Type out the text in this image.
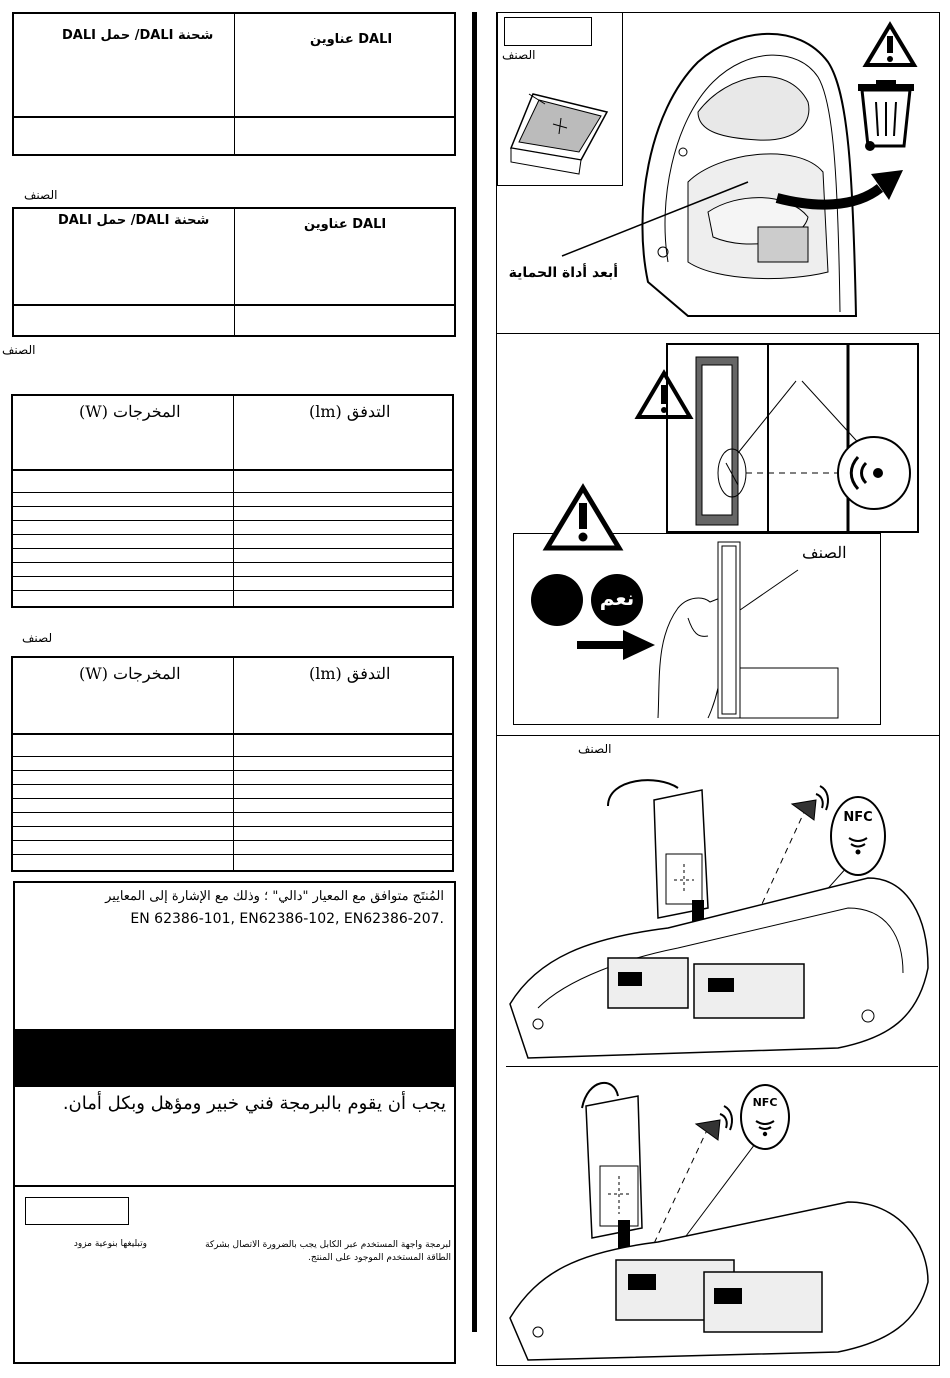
DALI عناوين
شحنة DALI/ حمل DALI
الصنف
DALI عناوين
شحنة DALI/ حمل DALI
الصنف
التدفق (lm)
المخرجات (W)
لصنف
التدفق (lm)
المخرجات (W)
المُنتَج متوافق مع المعيار "دالي" ؛ وذلك مع الإشارة إلى المعايير
.EN 62386-101, EN62386-102, EN62386-207
يجب أن يقوم بالبرمجة فني خبير ومؤهل وبكل أمان.
لبرمجة واجهة المستخدم عبر الكابل يجب بالضرورة الاتصال بشركة الطاقة المستخدم الموجود على المنتج.
وتبليغها بنوعية مزود
الصنف
أبعد أداة الحماية
نعم
الصنف
الصنف
NFC
NFC
